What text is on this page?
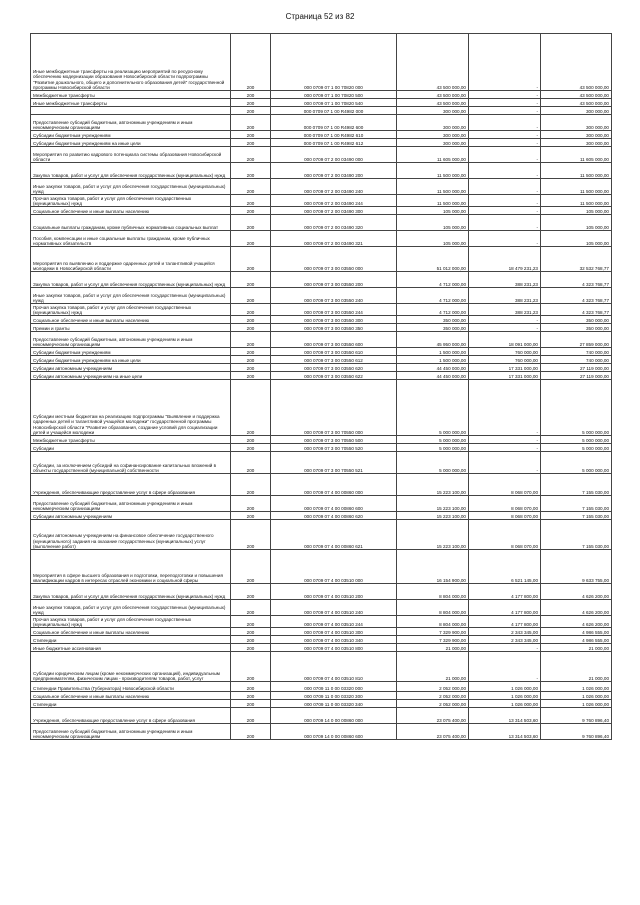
Страница 52 из 82
Иные межбюджетные трансферты на реализацию мероприятий по ресурсному обеспечению модернизации образования Новосибирской области подпрограммы "Развитие дошкольного, общего и дополнительного образования детей" государственной программы Новосибирской области	200	000 0709 07 1 00 70820 000	43 500 000,00	-	43 500 000,00
Межбюджетные трансферты	200	000 0709 07 1 00 70820 500	43 500 000,00	-	43 500 000,00
Иные межбюджетные трансферты	200	000 0709 07 1 00 70820 540	43 500 000,00	-	43 500 000,00
	200	000 0709 07 1 00 R4982 000	300 000,00	-	300 000,00
Предоставление субсидий бюджетным, автономным учреждениям и иным некоммерческим организациям	200	000 0709 07 1 00 R4982 600	300 000,00	-	300 000,00
Субсидии бюджетным учреждениям	200	000 0709 07 1 00 R4982 610	300 000,00	-	300 000,00
Субсидии бюджетным учреждениям на иные цели	200	000 0709 07 1 00 R4982 612	300 000,00	-	300 000,00
Мероприятия по развитию кадрового потенциала системы образования Новосибирской области	200	000 0709 07 2 00 03490 000	11 605 000,00	-	11 605 000,00
Закупка товаров, работ и услуг для обеспечения государственных (муниципальных) нужд	200	000 0709 07 2 00 03490 200	11 500 000,00	-	11 500 000,00
Иные закупки товаров, работ и услуг для обеспечения государственных (муниципальных) нужд	200	000 0709 07 2 00 03490 240	11 500 000,00	-	11 500 000,00
Прочая закупка товаров, работ и услуг для обеспечения государственных (муниципальных) нужд	200	000 0709 07 2 00 03490 244	11 500 000,00	-	11 500 000,00
Социальное обеспечение и иные выплаты населению	200	000 0709 07 2 00 03490 300	105 000,00	-	105 000,00
Социальные выплаты гражданам, кроме публичных нормативных социальных выплат	200	000 0709 07 2 00 03490 320	105 000,00	-	105 000,00
Пособия, компенсации и иные социальные выплаты гражданам, кроме публичных нормативных обязательств	200	000 0709 07 2 00 03490 321	105 000,00	-	105 000,00
Мероприятия по выявлению и поддержке одаренных детей и талантливой учащейся молодежи в Новосибирской области	200	000 0709 07 3 00 03550 000	51 012 000,00	18 479 231,23	32 532 768,77
Закупка товаров, работ и услуг для обеспечения государственных (муниципальных) нужд	200	000 0709 07 3 00 03550 200	4 712 000,00	388 231,23	4 323 768,77
Иные закупки товаров, работ и услуг для обеспечения государственных (муниципальных) нужд	200	000 0709 07 3 00 03550 240	4 712 000,00	388 231,23	4 323 768,77
Прочая закупка товаров, работ и услуг для обеспечения государственных (муниципальных) нужд	200	000 0709 07 3 00 03550 244	4 712 000,00	388 231,23	4 323 768,77
Социальное обеспечение и иные выплаты населению	200	000 0709 07 3 00 03550 300	350 000,00	-	350 000,00
Премии и гранты	200	000 0709 07 3 00 03550 350	350 000,00	-	350 000,00
Предоставление субсидий бюджетным, автономным учреждениям и иным некоммерческим организациям	200	000 0709 07 3 00 03550 600	45 950 000,00	18 091 000,00	27 859 000,00
Субсидии бюджетным учреждениям	200	000 0709 07 3 00 03550 610	1 500 000,00	760 000,00	740 000,00
Субсидии бюджетным учреждениям на иные цели	200	000 0709 07 3 00 03550 612	1 500 000,00	760 000,00	740 000,00
Субсидии автономным учреждениям	200	000 0709 07 3 00 03550 620	44 450 000,00	17 331 000,00	27 119 000,00
Субсидии автономным учреждениям на иные цели	200	000 0709 07 3 00 03550 622	44 450 000,00	17 331 000,00	27 119 000,00
Субсидии местным бюджетам на реализацию подпрограммы "Выявление и поддержка одаренных детей и талантливой учащейся молодежи" государственной программы Новосибирской области "Развитие образования, создание условий для социализации детей и учащейся молодежи	200	000 0709 07 3 00 70550 000	5 000 000,00	-	5 000 000,00
Межбюджетные трансферты	200	000 0709 07 3 00 70550 500	5 000 000,00	-	5 000 000,00
Субсидии	200	000 0709 07 3 00 70550 520	5 000 000,00	-	5 000 000,00
Субсидии, за исключением субсидий на софинансирование капитальных вложений в объекты государственной (муниципальной) собственности	200	000 0709 07 3 00 70550 521	5 000 000,00	-	5 000 000,00
Учреждения, обеспечивающие предоставление услуг в сфере образования	200	000 0709 07 4 00 00860 000	15 223 100,00	8 068 070,00	7 155 030,00
Предоставление субсидий бюджетным, автономным учреждениям и иным некоммерческим организациям	200	000 0709 07 4 00 00860 600	15 223 100,00	8 068 070,00	7 155 030,00
Субсидии автономным учреждениям	200	000 0709 07 4 00 00860 620	15 223 100,00	8 068 070,00	7 155 030,00
Субсидии автономным учреждениям на финансовое обеспечение государственного (муниципального) задания на оказание государственных (муниципальных) услуг (выполнение работ)	200	000 0709 07 4 00 00860 621	15 223 100,00	8 068 070,00	7 155 030,00
Мероприятия в сфере высшего образования и подготовки, переподготовки и повышения квалификации кадров в интересах отраслей экономики и социальной сферы	200	000 0709 07 4 00 03510 000	16 154 900,00	6 521 145,00	9 633 755,00
Закупка товаров, работ и услуг для обеспечения государственных (муниципальных) нужд	200	000 0709 07 4 00 03510 200	8 804 000,00	4 177 800,00	4 626 200,00
Иные закупки товаров, работ и услуг для обеспечения государственных (муниципальных) нужд	200	000 0709 07 4 00 03510 240	8 804 000,00	4 177 800,00	4 626 200,00
Прочая закупка товаров, работ и услуг для обеспечения государственных (муниципальных) нужд	200	000 0709 07 4 00 03510 244	8 804 000,00	4 177 800,00	4 626 200,00
Социальное обеспечение и иные выплаты населению	200	000 0709 07 4 00 03510 300	7 329 900,00	2 343 345,00	4 986 555,00
Стипендии	200	000 0709 07 4 00 03510 340	7 329 900,00	2 343 345,00	4 986 555,00
Иные бюджетные ассигнования	200	000 0709 07 4 00 03510 800	21 000,00	-	21 000,00
Субсидии юридическим лицам (кроме некоммерческих организаций), индивидуальным предпринимателям, физическим лицам - производителям товаров, работ, услуг	200	000 0709 07 4 00 03510 810	21 000,00	-	21 000,00
Стипендии Правительства (Губернатора) Новосибирской области	200	000 0709 11 0 00 03320 000	2 052 000,00	1 026 000,00	1 026 000,00
Социальное обеспечение и иные выплаты населению	200	000 0709 11 0 00 03320 300	2 052 000,00	1 026 000,00	1 026 000,00
Стипендии	200	000 0709 11 0 00 03320 340	2 052 000,00	1 026 000,00	1 026 000,00
Учреждения, обеспечивающие предоставление услуг в сфере образования	200	000 0709 14 0 00 00860 000	23 075 400,00	13 314 503,60	9 760 896,40
Предоставление субсидий бюджетным, автономным учреждениям и иным некоммерческим организациям	200	000 0709 14 0 00 00860 600	23 075 400,00	13 314 503,60	9 760 896,40
